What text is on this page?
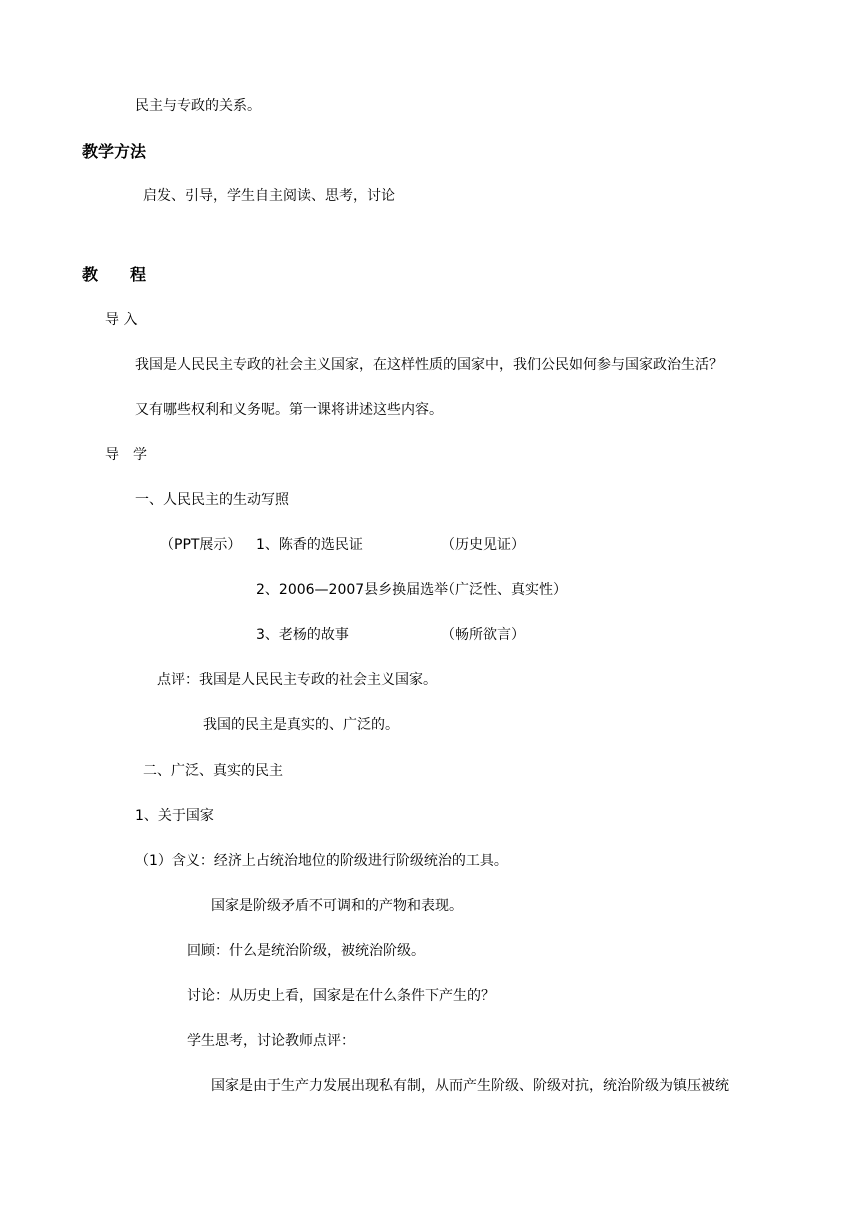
民主与专政的关系。
教学方法
启发、引导，学生自主阅读、思考，讨论
教　　程
导 入
我国是人民民主专政的社会主义国家，在这样性质的国家中，我们公民如何参与国家政治生活？
又有哪些权利和义务呢。第一课将讲述这些内容。
导　学
一、人民民主的生动写照
（PPT展示） 1、陈香的选民证	（历史见证）
2、2006—2007县乡换届选举
（广泛性、真实性）
3、老杨的故事	（畅所欲言）
点评：我国是人民民主专政的社会主义国家。
我国的民主是真实的、广泛的。
二、广泛、真实的民主
1、关于国家
（1）含义：经济上占统治地位的阶级进行阶级统治的工具。
国家是阶级矛盾不可调和的产物和表现。
回顾：什么是统治阶级，被统治阶级。
讨论：从历史上看，国家是在什么条件下产生的？
学生思考，讨论教师点评：
国家是由于生产力发展出现私有制，从而产生阶级、阶级对抗，统治阶级为镇压被统
